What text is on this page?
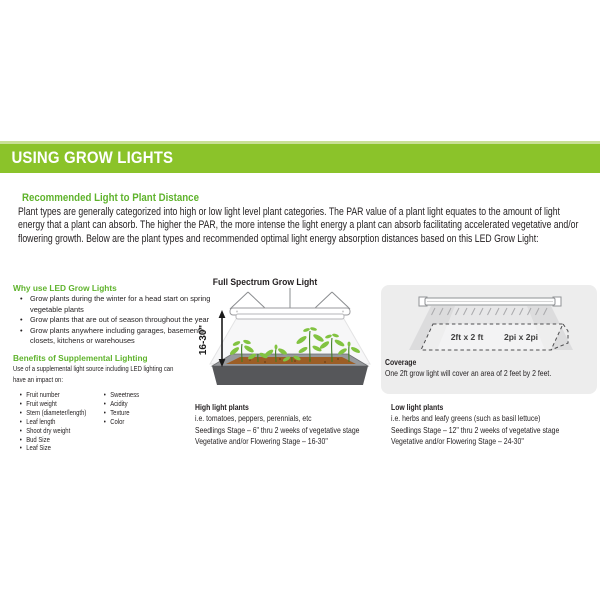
USING GROW LIGHTS
Recommended Light to Plant Distance
Plant types are generally categorized into high or low light level plant categories. The PAR value of a plant light equates to the amount of light energy that a plant can absorb. The higher the PAR, the more intense the light energy a plant can absorb facilitating accelerated vegetative and/or flowering growth. Below are the plant types and recommended optimal light energy absorption distances based on this LED Grow Light:
Why use LED Grow Lights
• Grow plants during the winter for a head start on spring vegetable plants
• Grow plants that are out of season throughout the year
• Grow plants anywhere including garages, basements, closets, kitchens or warehouses
Benefits of Supplemental Lighting
Use of a supplemental light source including LED lighting can have an impact on:
• Fruit number
• Fruit weight
• Stem (diameter/length)
• Leaf length
• Shoot dry weight
• Bud Size
• Leaf Size
• Sweetness
• Acidity
• Texture
• Color
Full Spectrum Grow Light
16-30"
High light plants
i.e. tomatoes, peppers, perennials, etc
Seedlings Stage – 6" thru 2 weeks of vegetative stage
Vegetative and/or Flowering Stage – 16-30"
2ft x 2 ft 2pi x 2pi
Coverage
One 2ft grow light will cover an area of 2 feet by 2 feet.
Low light plants
i.e. herbs and leafy greens (such as basil lettuce)
Seedlings Stage – 12" thru 2 weeks of vegetative stage
Vegetative and/or Flowering Stage – 24-30"
